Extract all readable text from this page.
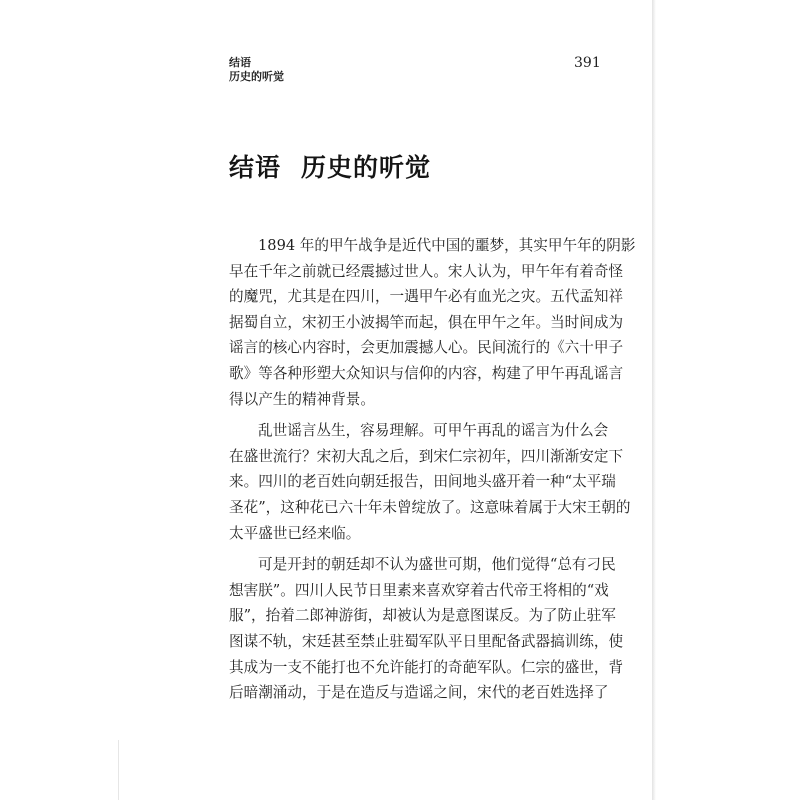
结语
历史的听觉
391
结语 历史的听觉
1894 年的甲午战争是近代中国的噩梦，其实甲午年的阴影
早在千年之前就已经震撼过世人。宋人认为，甲午年有着奇怪
的魔咒，尤其是在四川，一遇甲午必有血光之灾。五代孟知祥
据蜀自立，宋初王小波揭竿而起，俱在甲午之年。当时间成为
谣言的核心内容时，会更加震撼人心。民间流行的《六十甲子
歌》等各种形塑大众知识与信仰的内容，构建了甲午再乱谣言
得以产生的精神背景。
乱世谣言丛生，容易理解。可甲午再乱的谣言为什么会
在盛世流行？宋初大乱之后，到宋仁宗初年，四川渐渐安定下
来。四川的老百姓向朝廷报告，田间地头盛开着一种“太平瑞
圣花”，这种花已六十年未曾绽放了。这意味着属于大宋王朝的
太平盛世已经来临。
可是开封的朝廷却不认为盛世可期，他们觉得“总有刁民
想害朕”。四川人民节日里素来喜欢穿着古代帝王将相的“戏
服”，抬着二郎神游街，却被认为是意图谋反。为了防止驻军
图谋不轨，宋廷甚至禁止驻蜀军队平日里配备武器搞训练，使
其成为一支不能打也不允许能打的奇葩军队。仁宗的盛世，背
后暗潮涌动，于是在造反与造谣之间，宋代的老百姓选择了
